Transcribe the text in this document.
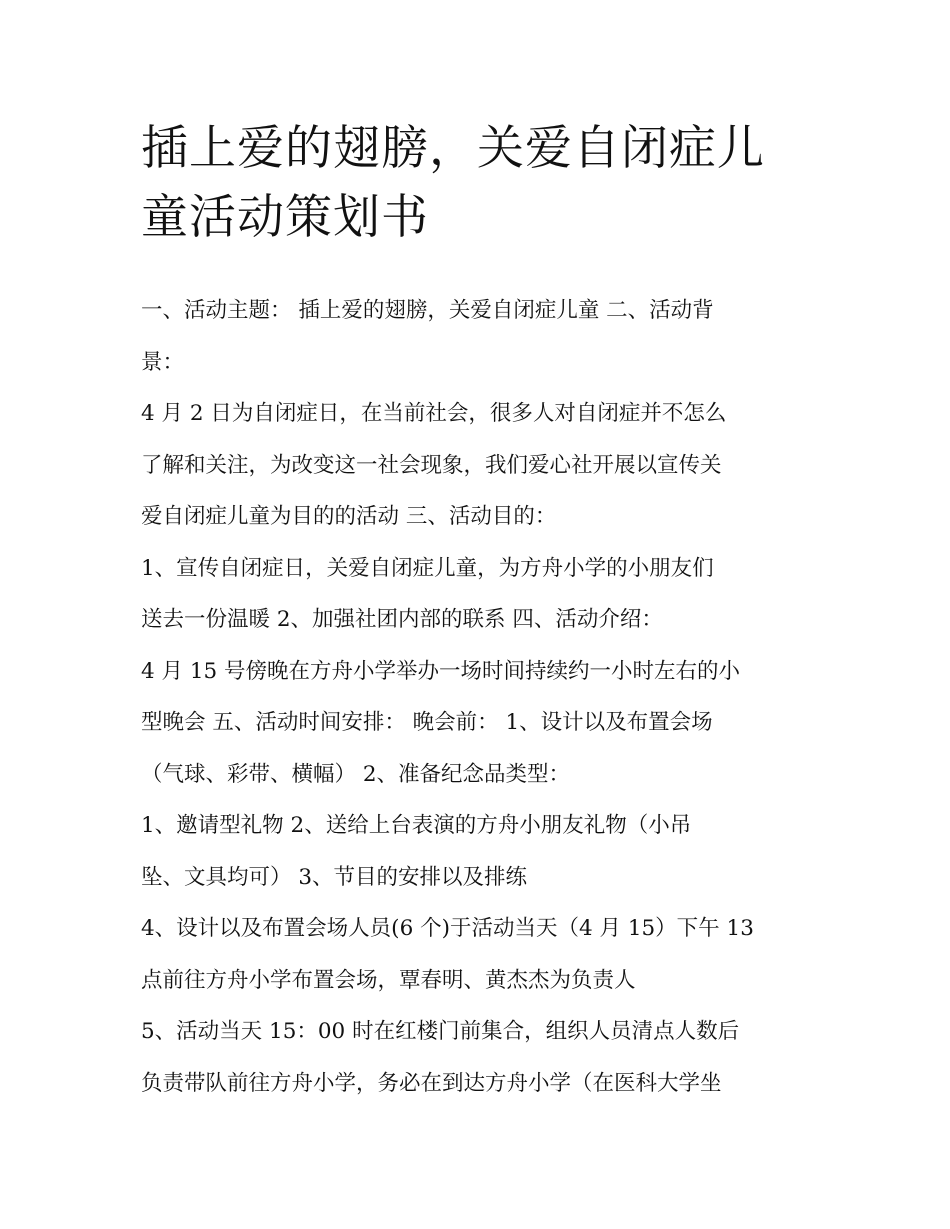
插上爱的翅膀，关爱自闭症儿
童活动策划书
一、活动主题： 插上爱的翅膀，关爱自闭症儿童 二、活动背
景：
4 月 2 日为自闭症日，在当前社会，很多人对自闭症并不怎么
了解和关注，为改变这一社会现象，我们爱心社开展以宣传关
爱自闭症儿童为目的的活动 三、活动目的：
1、宣传自闭症日，关爱自闭症儿童，为方舟小学的小朋友们
送去一份温暖 2、加强社团内部的联系 四、活动介绍：
4 月 15 号傍晚在方舟小学举办一场时间持续约一小时左右的小
型晚会 五、活动时间安排： 晚会前： 1、设计以及布置会场
（气球、彩带、横幅） 2、准备纪念品类型：
1、邀请型礼物 2、送给上台表演的方舟小朋友礼物（小吊
坠、文具均可） 3、节目的安排以及排练
4、设计以及布置会场人员(6 个)于活动当天（4 月 15）下午 13
点前往方舟小学布置会场，覃春明、黄杰杰为负责人
5、活动当天 15：00 时在红楼门前集合，组织人员清点人数后
负责带队前往方舟小学，务必在到达方舟小学（在医科大学坐
